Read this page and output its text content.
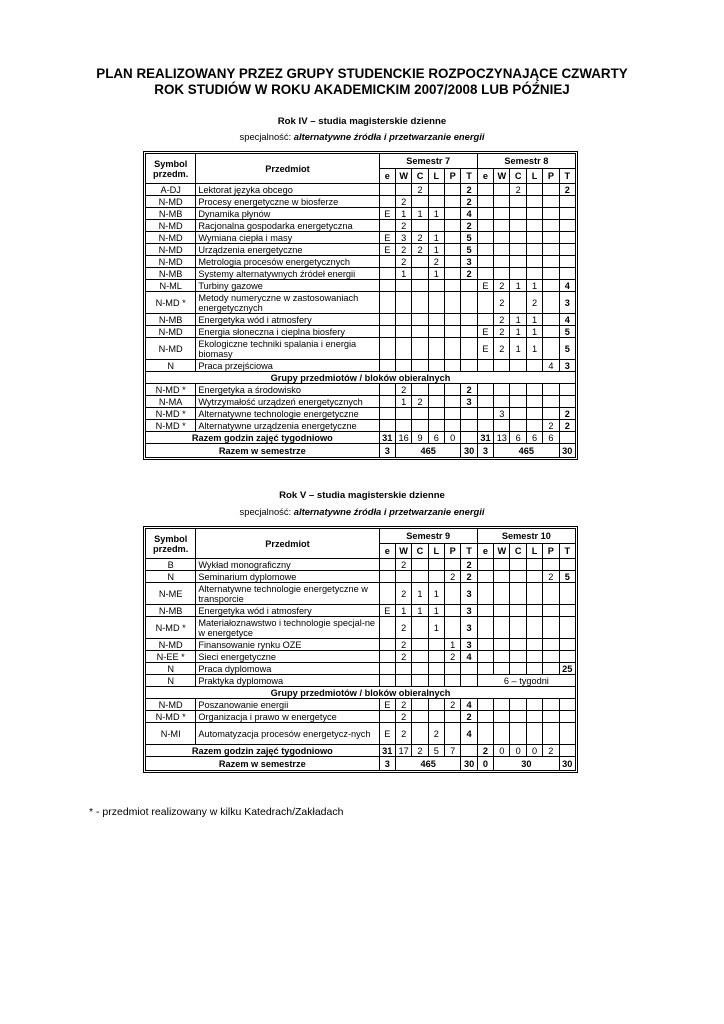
PLAN REALIZOWANY PRZEZ GRUPY STUDENCKIE ROZPOCZYNAJĄCE CZWARTY
ROK STUDIÓW W ROKU AKADEMICKIM 2007/2008 LUB PÓŹNIEJ
Rok IV – studia magisterskie dzienne
specjalność: alternatywne źródła i przetwarzanie energii
Symbol przedm.	Przedmiot	Semestr 7						Semestr 8					
		e	W	C	L	P	T	e	W	C	L	P	T
A-DJ	Lektorat języka obcego			2			2			2			2
N-MD	Procesy energetyczne w biosferze		2				2						
N-MB	Dynamika płynów	E	1	1	1		4						
N-MD	Racjonalna gospodarka energetyczna		2				2						
N-MD	Wymiana ciepła i masy	E	3	2	1		5						
N-MD	Urządzenia energetyczne	E	2	2	1		5						
N-MD	Metrologia procesów energetycznych		2		2		3						
N-MB	Systemy alternatywnych źródeł energii		1		1		2						
N-ML	Turbiny gazowe							E	2	1	1		4
N-MD *	Metody numeryczne w zastosowaniach energetycznych								2		2		3
N-MB	Energetyka wód i atmosfery								2	1	1		4
N-MD	Energia słoneczna i cieplna biosfery							E	2	1	1		5
N-MD	Ekologiczne techniki spalania i energia biomasy							E	2	1	1		5
N	Praca przejściowa											4	3
Grupy przedmiotów / bloków obieralnych													
N-MD *	Energetyka a środowisko		2				2						
N-MA	Wytrzymałość urządzeń energetycznych		1	2			3						
N-MD *	Alternatywne technologie energetyczne								3				2
N-MD *	Alternatywne urządzenia energetyczne											2	2
Razem godzin zajęć tygodniowo		31	16	9	6	0		31	13	6	6	6	
Razem w semestrze		3	465				30	3	465				30
Rok V – studia magisterskie dzienne
specjalność: alternatywne źródła i przetwarzanie energii
Symbol przedm.	Przedmiot	Semestr 9						Semestr 10					
		e	W	C	L	P	T	e	W	C	L	P	T
B	Wykład monograficzny		2				2						
N	Seminarium dyplomowe					2	2					2	5
N-ME	Alternatywne technologie energetyczne w transporcie		2	1	1		3						
N-MB	Energetyka wód i atmosfery	E	1	1	1		3						
N-MD *	Materiałoznawstwo i technologie specjal-ne w energetyce		2		1		3						
N-MD	Finansowanie rynku OZE		2			1	3						
N-EE *	Sieci energetyczne		2			2	4						
N	Praca dyplomowa												25
N	Praktyka dyplomowa							6 – tygodni					
Grupy przedmiotów / bloków obieralnych													
N-MD	Poszanowanie energii	E	2			2	4						
N-MD *	Organizacja i prawo w energetyce		2				2						
N-MI	Automatyzacja procesów energetycz-nych	E	2		2		4						
Razem godzin zajęć tygodniowo		31	17	2	5	7		2	0	0	0	2	
Razem w semestrze		3	465				30	0	30				30
* - przedmiot realizowany w kilku Katedrach/Zakładach
